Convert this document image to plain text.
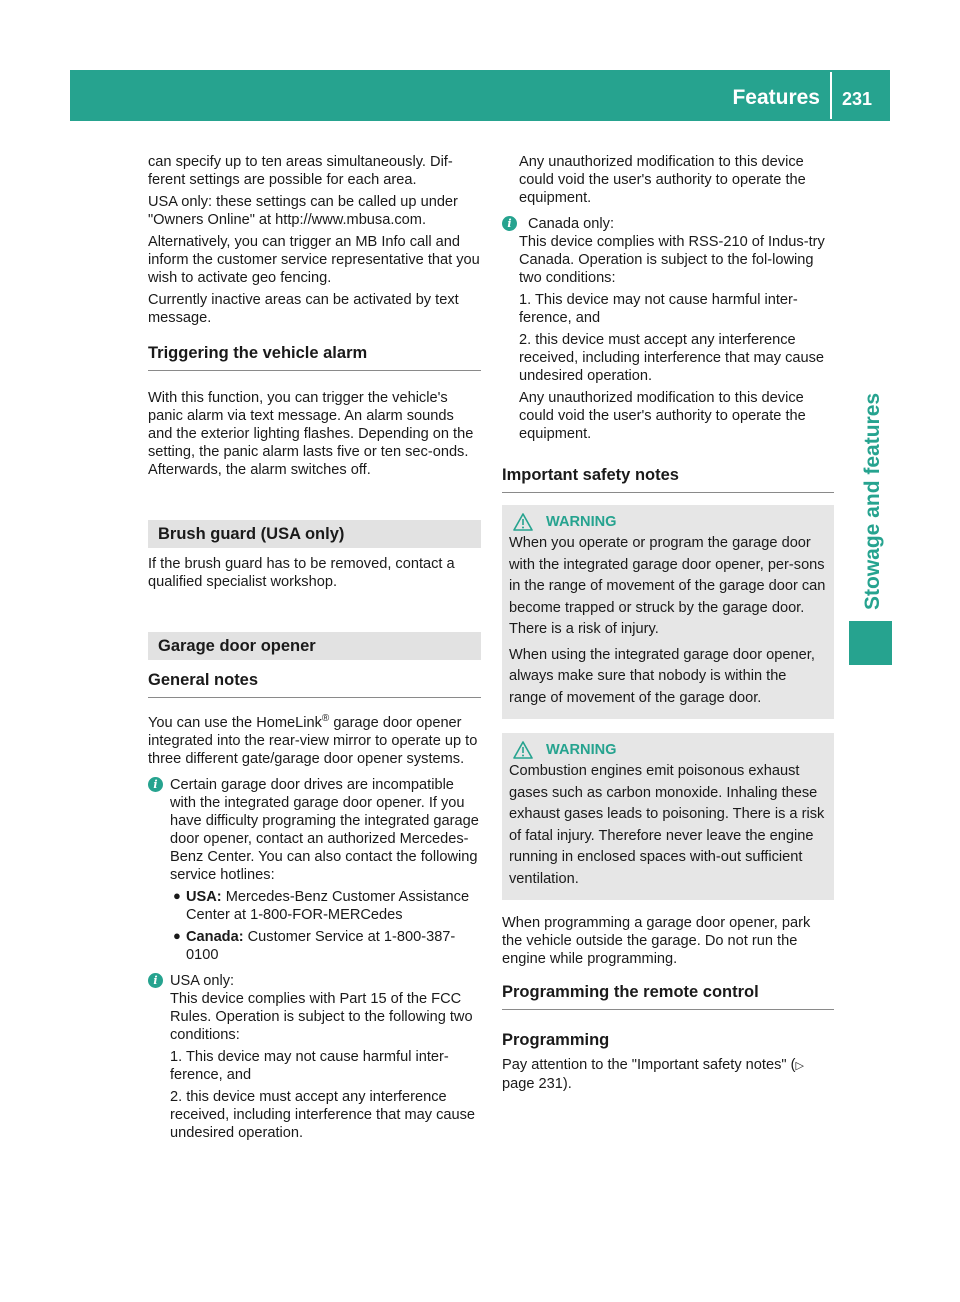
Features 231
Stowage and features

can specify up to ten areas simultaneously. Dif-ferent settings are possible for each area.

USA only: these settings can be called up under "Owners Online" at http://www.mbusa.com.

Alternatively, you can trigger an MB Info call and inform the customer service representative that you wish to activate geo fencing.

Currently inactive areas can be activated by text message.

Triggering the vehicle alarm

With this function, you can trigger the vehicle's panic alarm via text message. An alarm sounds and the exterior lighting flashes. Depending on the setting, the panic alarm lasts five or ten sec-onds. Afterwards, the alarm switches off.

Brush guard (USA only)

If the brush guard has to be removed, contact a qualified specialist workshop.

Garage door opener
General notes

You can use the HomeLink® garage door opener integrated into the rear-view mirror to operate up to three different gate/garage door opener systems.

i Certain garage door drives are incompatible with the integrated garage door opener. If you have difficulty programing the integrated garage door opener, contact an authorized Mercedes-Benz Center. You can also contact the following service hotlines:

● USA: Mercedes-Benz Customer Assistance Center at 1-800-FOR-MERCedes

● Canada: Customer Service at 1-800-387-0100

i USA only:

This device complies with Part 15 of the FCC Rules. Operation is subject to the following two conditions:

1. This device may not cause harmful inter-ference, and

2. this device must accept any interference received, including interference that may cause undesired operation.

Any unauthorized modification to this device could void the user's authority to operate the equipment.

i	Canada only:

This device complies with RSS-210 of Indus-try Canada. Operation is subject to the fol-lowing two conditions:

1. This device may not cause harmful inter-ference, and

2. this device must accept any interference received, including interference that may cause undesired operation.

Any unauthorized modification to this device could void the user's authority to operate the equipment.

Important safety notes
WARNING

When you operate or program the garage door with the integrated garage door opener, per-sons in the range of movement of the garage door can become trapped or struck by the garage door. There is a risk of injury.

When using the integrated garage door opener, always make sure that nobody is within the range of movement of the garage door.

WARNING

Combustion engines emit poisonous exhaust gases such as carbon monoxide. Inhaling these exhaust gases leads to poisoning. There is a risk of fatal injury. Therefore never leave the engine running in enclosed spaces with-out sufficient ventilation.

When programming a garage door opener, park the vehicle outside the garage. Do not run the engine while programming.

Programming the remote control
Programming

Pay attention to the "Important safety notes" (▷ page 231).
